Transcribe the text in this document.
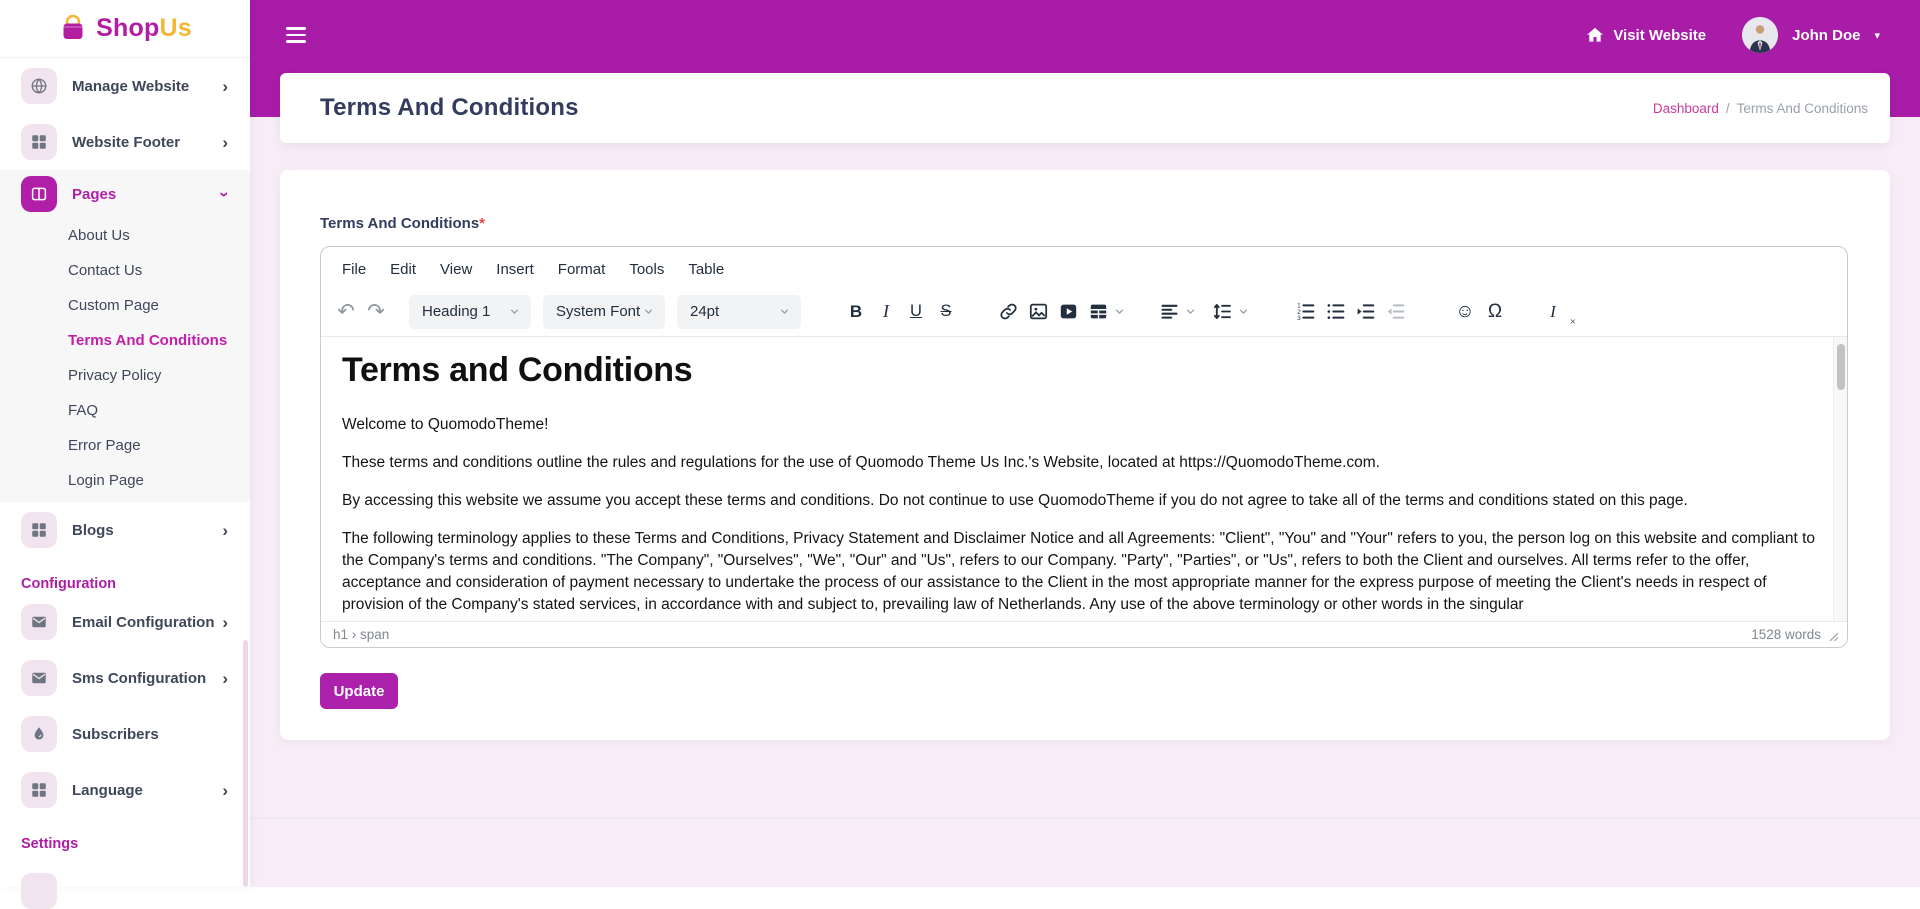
Visit Website	John Doe ▾
ShopUs
Manage Website	›
Website Footer	›
Pages	›
About Us
Contact Us
Custom Page
Terms And Conditions
Privacy Policy
FAQ
Error Page
Login Page
Blogs	›
Configuration
Email Configuration ›
Sms Configuration ›
Subscribers
Language	›
Settings
Terms And Conditions	Dashboard / Terms And Conditions
Terms And Conditions*
File	Edit	View	Insert	Format	Tools	Table
↶ ↷	Heading 1	System Font	24pt	B	I	U	S	1
2
3	☺ Ω	I
×
Terms and Conditions

Welcome to QuomodoTheme!

These terms and conditions outline the rules and regulations for the use of Quomodo Theme Us Inc.'s Website, located at https://QuomodoTheme.com.

By accessing this website we assume you accept these terms and conditions. Do not continue to use QuomodoTheme if you do not agree to take all of the terms and conditions stated on this page.

The following terminology applies to these Terms and Conditions, Privacy Statement and Disclaimer Notice and all Agreements: "Client", "You" and "Your" refers to you, the person log on this website and compliant to the Company's terms and conditions. "The Company", "Ourselves", "We", "Our" and "Us", refers to our Company. "Party", "Parties", or "Us", refers to both the Client and ourselves. All terms refer to the offer, acceptance and consideration of payment necessary to undertake the process of our assistance to the Client in the most appropriate manner for the express purpose of meeting the Client's needs in respect of provision of the Company's stated services, in accordance with and subject to, prevailing law of Netherlands. Any use of the above terminology or other words in the singular

h1 › span	1528 words
Update
